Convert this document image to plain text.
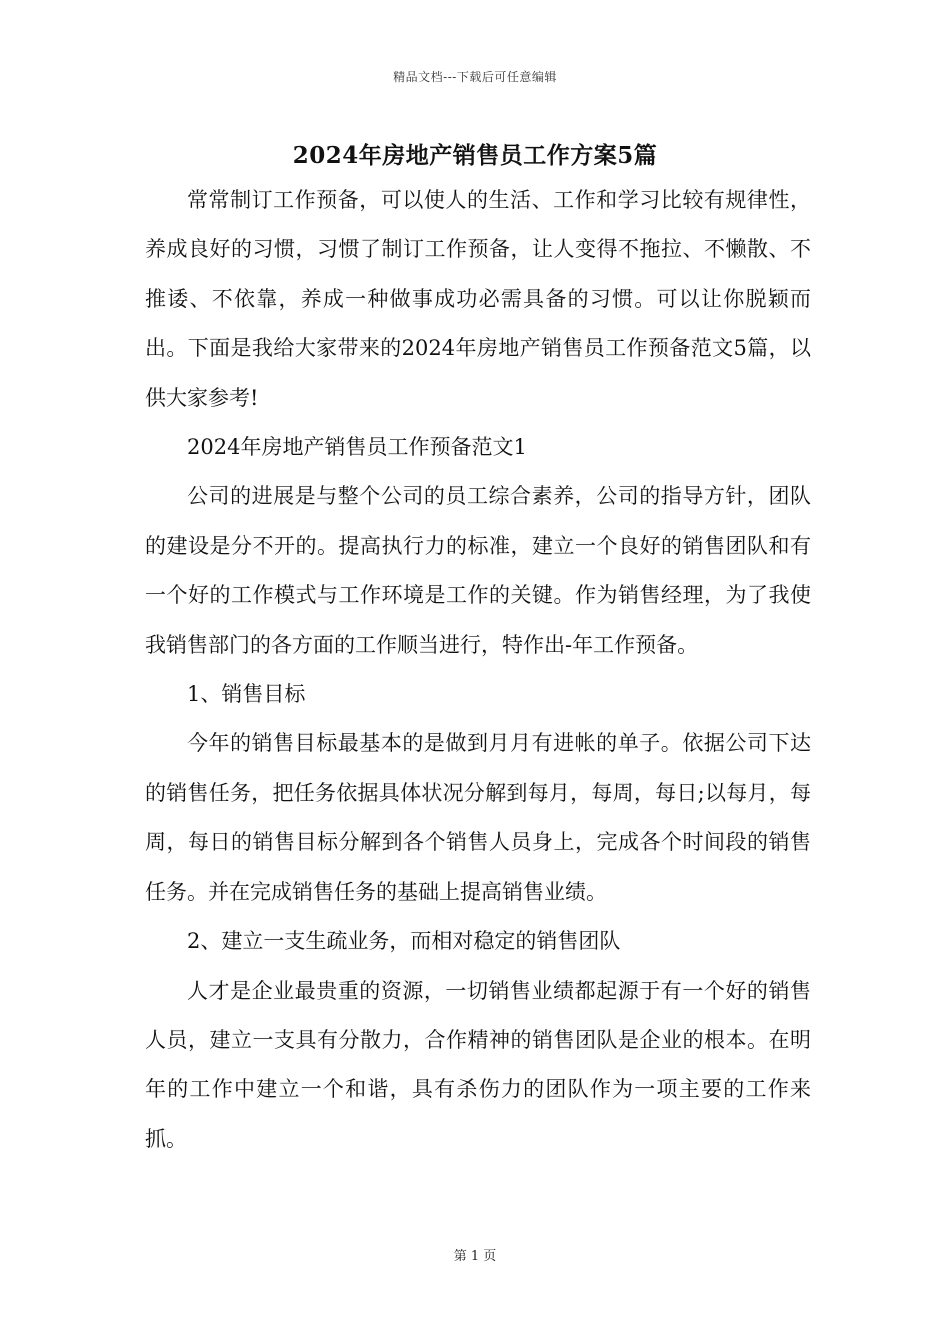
精品文档---下载后可任意编辑
2024年房地产销售员工作方案5篇

常常制订工作预备，可以使人的生活、工作和学习比较有规律性，养成良好的习惯，习惯了制订工作预备，让人变得不拖拉、不懒散、不推诿、不依靠，养成一种做事成功必需具备的习惯。可以让你脱颖而出。下面是我给大家带来的2024年房地产销售员工作预备范文5篇，以供大家参考!

2024年房地产销售员工作预备范文1

公司的进展是与整个公司的员工综合素养，公司的指导方针，团队的建设是分不开的。提高执行力的标准，建立一个良好的销售团队和有一个好的工作模式与工作环境是工作的关键。作为销售经理，为了我使我销售部门的各方面的工作顺当进行，特作出-年工作预备。

1、销售目标

今年的销售目标最基本的是做到月月有进帐的单子。依据公司下达的销售任务，把任务依据具体状况分解到每月，每周，每日;以每月，每周，每日的销售目标分解到各个销售人员身上，完成各个时间段的销售任务。并在完成销售任务的基础上提高销售业绩。

2、建立一支生疏业务，而相对稳定的销售团队

人才是企业最贵重的资源，一切销售业绩都起源于有一个好的销售人员，建立一支具有分散力，合作精神的销售团队是企业的根本。在明年的工作中建立一个和谐，具有杀伤力的团队作为一项主要的工作来抓。

第 1 页
